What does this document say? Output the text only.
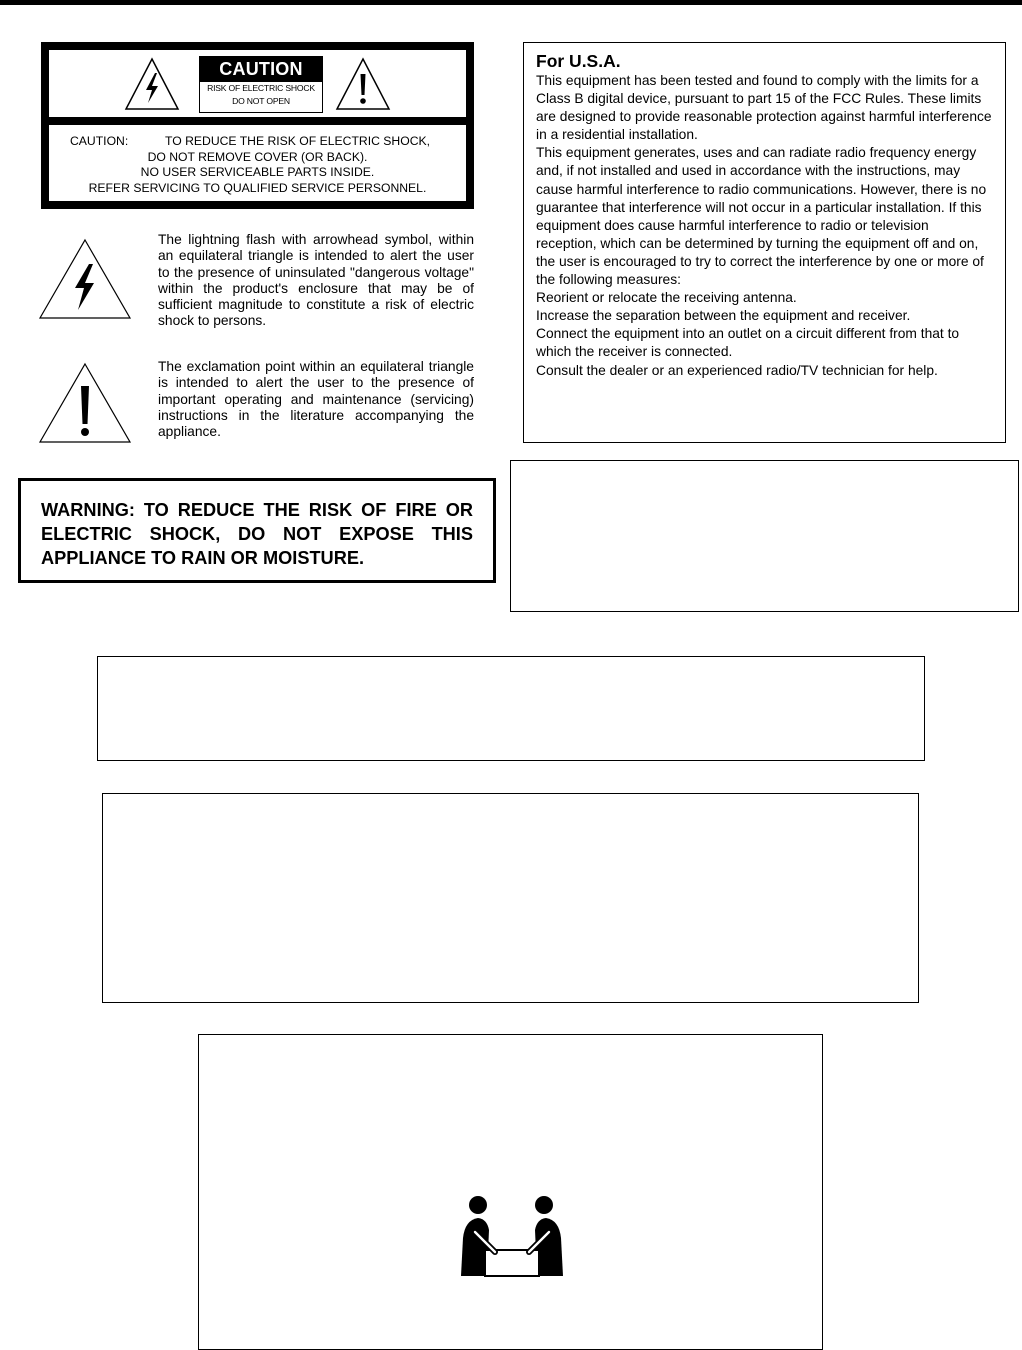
CAUTION
RISK OF ELECTRIC SHOCK
DO NOT OPEN
CAUTION:	TO REDUCE THE RISK OF ELECTRIC SHOCK,
DO NOT REMOVE COVER (OR BACK).
NO USER SERVICEABLE PARTS INSIDE.
REFER SERVICING TO QUALIFIED SERVICE PERSONNEL.
The lightning flash with arrowhead symbol, within an equilateral triangle is intended to alert the user to the presence of uninsulated "dangerous voltage" within the product's enclosure that may be of sufficient magnitude to constitute a risk of electric shock to persons.
The exclamation point within an equilateral triangle is intended to alert the user to the presence of important operating and maintenance (servicing) instructions in the literature accompanying the appliance.
WARNING: TO REDUCE THE RISK OF FIRE OR ELECTRIC SHOCK, DO NOT EXPOSE THIS APPLIANCE TO RAIN OR MOISTURE.
For U.S.A.
This equipment has been tested and found to comply with the limits for a Class B digital device, pursuant to part 15 of the FCC Rules. These limits are designed to provide reasonable protection against harmful interference in a residential installation.
This equipment generates, uses and can radiate radio frequency energy and, if not installed and used in accordance with the instructions, may cause harmful interference to radio communications. However, there is no guarantee that interference will not occur in a particular installation. If this equipment does cause harmful interference to radio or television reception, which can be determined by turning the equipment off and on, the user is encouraged to try to correct the interference by one or more of the following measures:
Reorient or relocate the receiving antenna.
Increase the separation between the equipment and receiver.
Connect the equipment into an outlet on a circuit different from that to which the receiver is connected.
Consult the dealer or an experienced radio/TV technician for help.
